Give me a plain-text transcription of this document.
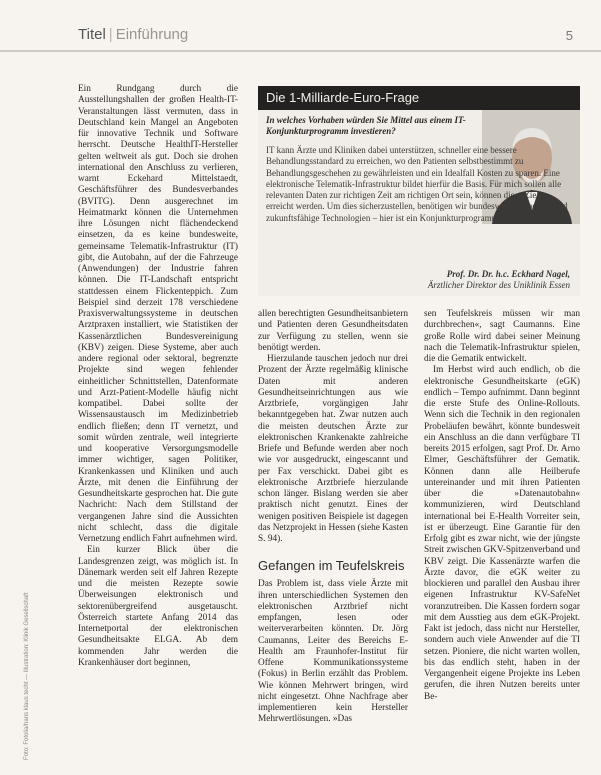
Titel | Einführung	5
Foto: Fotolia/hans klaus techt — Illustration: Klinik Gesellschaft

Ein Rundgang durch die Ausstellungshallen der großen Health-IT-Veranstaltungen lässt vermuten, dass in Deutschland kein Mangel an Angeboten für innovative Technik und Software herrscht. Deutsche HealthIT-Hersteller gelten weltweit als gut. Doch sie drohen international den Anschluss zu verlieren, warnt Eckehard Mittelstaedt, Geschäftsführer des Bundesverbandes (BVITG). Denn ausgerechnet im Heimatmarkt können die Unternehmen ihre Lösungen nicht flächendeckend einsetzen, da es keine bundesweite, gemeinsame Telematik-Infrastruktur (IT) gibt, die Autobahn, auf der die Fahrzeuge (Anwendungen) der Industrie fahren können. Die IT-Landschaft entspricht stattdessen einem Flickenteppich. Zum Beispiel sind derzeit 178 verschiedene Praxisverwaltungssysteme in deutschen Arztpraxen installiert, wie Statistiken der Kassenärztlichen Bundesvereinigung (KBV) zeigen. Diese Systeme, aber auch andere regional oder sektoral, begrenzte Projekte sind wegen fehlender einheitlicher Schnittstellen, Datenformate und Arzt-Patient-Modelle häufig nicht kompatibel. Dabei sollte der Wissensaustausch im Medizinbetrieb endlich fließen; denn IT vernetzt, und somit würden zentrale, weil integrierte und kooperative Versorgungsmodelle immer wichtiger, sagen Politiker, Krankenkassen und Kliniken und auch Ärzte, mit denen die Einführung der Gesundheitskarte gesprochen hat. Die gute Nachricht: Nach dem Stillstand der vergangenen Jahre sind die Aussichten nicht schlecht, dass die digitale Vernetzung endlich Fahrt aufnehmen wird.

Ein kurzer Blick über die Landesgrenzen zeigt, was möglich ist. In Dänemark werden seit elf Jahren Rezepte und die meisten Rezepte sowie Überweisungen elektronisch und sektorenübergreifend ausgetauscht. Österreich startete Anfang 2014 das Internetportal der elektronischen Gesundheitsakte ELGA. Ab dem kommenden Jahr werden die Krankenhäuser dort beginnen,

Die 1-Milliarde-Euro-Frage
In welches Vorhaben würden Sie Mittel aus einem IT-Konjunkturprogramm investieren?
IT kann Ärzte und Kliniken dabei unterstützen, schneller eine bessere Behandlungsstandard zu erreichen, wo den Patienten selbstbestimmt zu Behandlungsgeschehen zu gewährleisten und ein Idealfall Kosten zu sparen. Eine elektronische Telematik-Infrastruktur bildet hierfür die Basis. Für mich sollen alle relevanten Daten zur richtigen Zeit am richtigen Ort sein, können diese Ziele erreicht werden. Um dies sicherzustellen, benötigen wir bundesweite Standards und zukunftsfähige Technologien – hier ist ein Konjunkturprogramm dringend nötig.
Prof. Dr. Dr. h.c. Eckhard Nagel,
Ärztlicher Direktor des Uniklinik Essen

allen berechtigten Gesundheitsanbietern und Patienten deren Gesundheitsdaten zur Verfügung zu stellen, wenn sie benötigt werden.

Hierzulande tauschen jedoch nur drei Prozent der Ärzte regelmäßig klinische Daten mit anderen Gesundheitseinrichtungen aus wie Arztbriefe, vorgängigen Jahr bekanntgegeben hat. Zwar nutzen auch die meisten deutschen Ärzte zur elektronischen Krankenakte zahlreiche Briefe und Befunde werden aber noch wie vor ausgedruckt, eingescannt und per Fax verschickt. Dabei gibt es elektronische Arztbriefe hierzulande schon länger. Bislang werden sie aber praktisch nicht genutzt. Eines der wenigen positiven Beispiele ist dagegen das Netzprojekt in Hessen (siehe Kasten S. 94).

Gefangen im Teufelskreis

Das Problem ist, dass viele Ärzte mit ihren unterschiedlichen Systemen den elektronischen Arztbrief nicht empfangen, lesen oder weiterverarbeiten könnten. Dr. Jörg Caumanns, Leiter des Bereichs E-Health am Fraunhofer-Institut für Offene Kommunikationssysteme (Fokus) in Berlin erzählt das Problem. Wie können Mehrwert bringen, wird nicht eingesetzt. Ohne Nachfrage aber implementieren kein Hersteller Mehrwertlösungen. »Das

sen Teufelskreis müssen wir man durchbrechen«, sagt Caumanns. Eine große Rolle wird dabei seiner Meinung nach die Telematik-Infrastruktur spielen, die die Gematik entwickelt.

Im Herbst wird auch endlich, ob die elektronische Gesundheitskarte (eGK) endlich – Tempo aufnimmt. Dann beginnt die erste Stufe des Online-Rollouts. Wenn sich die Technik in den regionalen Probeläufen bewährt, könnte bundesweit ein Anschluss an die dann verfügbare TI bereits 2015 erfolgen, sagt Prof. Dr. Arno Elmer, Geschäftsführer der Gematik. Können dann alle Heilberufe untereinander und mit ihren Patienten über die »Datenautobahn« kommunizieren, wird Deutschland international bei E-Health Vorreiter sein, ist er überzeugt. Eine Garantie für den Erfolg gibt es zwar nicht, wie der jüngste Streit zwischen GKV-Spitzenverband und KBV zeigt. Die Kassenärzte warfen die Ärzte davor, die eGK weiter zu blockieren und parallel den Ausbau ihrer eigenen Infrastruktur KV-SafeNet voranzutreiben. Die Kassen fordern sogar mit dem Ausstieg aus dem eGK-Projekt. Fakt ist jedoch, dass nicht nur Hersteller, sondern auch viele Anwender auf die TI setzen. Pioniere, die nicht warten wollen, bis das endlich steht, haben in der Vergangenheit eigene Projekte ins Leben gerufen, die ihren Nutzen bereits unter Be-
